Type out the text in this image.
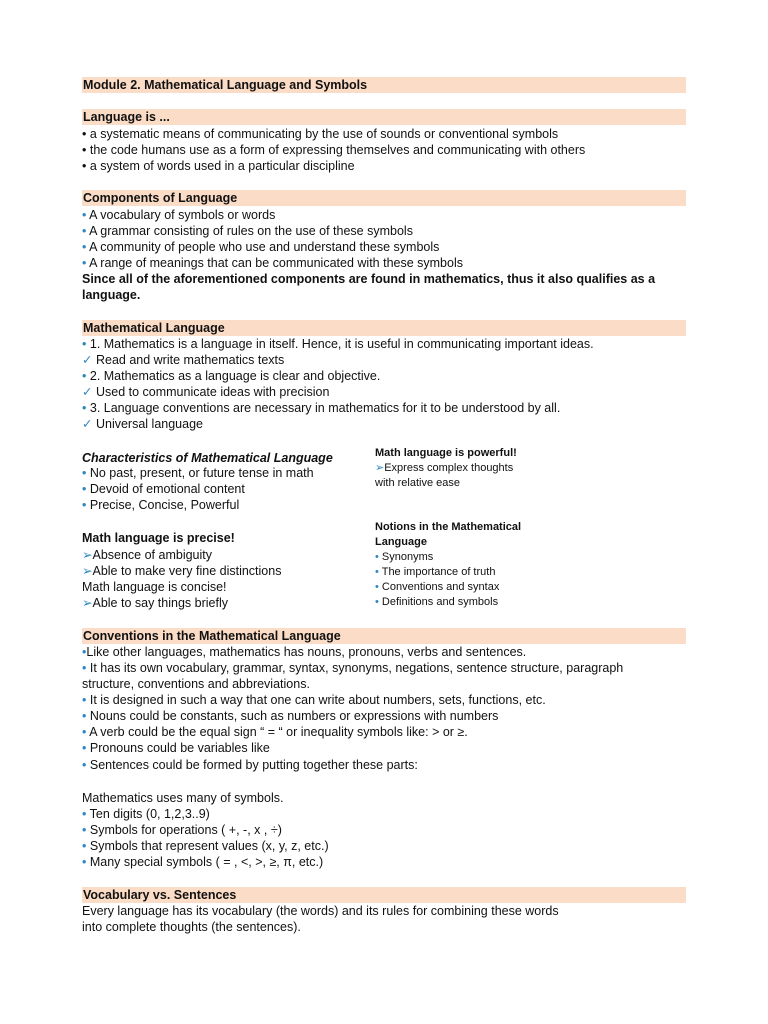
Module 2. Mathematical Language and Symbols
Language is ...
• a systematic means of communicating by the use of sounds or conventional symbols
• the code humans use as a form of expressing themselves and communicating with others
• a system of words used in a particular discipline
Components of Language
• A vocabulary of symbols or words
• A grammar consisting of rules on the use of these symbols
• A community of people who use and understand these symbols
• A range of meanings that can be communicated with these symbols
Since all of the aforementioned components are found in mathematics, thus it also qualifies as a
language.
Mathematical Language
• 1. Mathematics is a language in itself. Hence, it is useful in communicating important ideas.
✓ Read and write mathematics texts
• 2. Mathematics as a language is clear and objective.
✓ Used to communicate ideas with precision
• 3. Language conventions are necessary in mathematics for it to be understood by all.
✓ Universal language
Characteristics of Mathematical Language
• No past, present, or future tense in math
• Devoid of emotional content
• Precise, Concise, Powerful
Math language is precise!
➢Absence of ambiguity
➢Able to make very fine distinctions
Math language is concise!
➢Able to say things briefly
Math language is powerful!
➢Express complex thoughts
with relative ease
Notions in the Mathematical
Language
• Synonyms
• The importance of truth
• Conventions and syntax
• Definitions and symbols
Conventions in the Mathematical Language
•Like other languages, mathematics has nouns, pronouns, verbs and sentences.
• It has its own vocabulary, grammar, syntax, synonyms, negations, sentence structure, paragraph
structure, conventions and abbreviations.
• It is designed in such a way that one can write about numbers, sets, functions, etc.
• Nouns could be constants, such as numbers or expressions with numbers
• A verb could be the equal sign “ = “ or inequality symbols like: > or ≥.
• Pronouns could be variables like
• Sentences could be formed by putting together these parts:
Mathematics uses many of symbols.
• Ten digits (0, 1,2,3..9)
• Symbols for operations ( +, -, x , ÷)
• Symbols that represent values (x, y, z, etc.)
• Many special symbols ( = , <, >, ≥, π, etc.)
Vocabulary vs. Sentences
Every language has its vocabulary (the words) and its rules for combining these words
into complete thoughts (the sentences).
